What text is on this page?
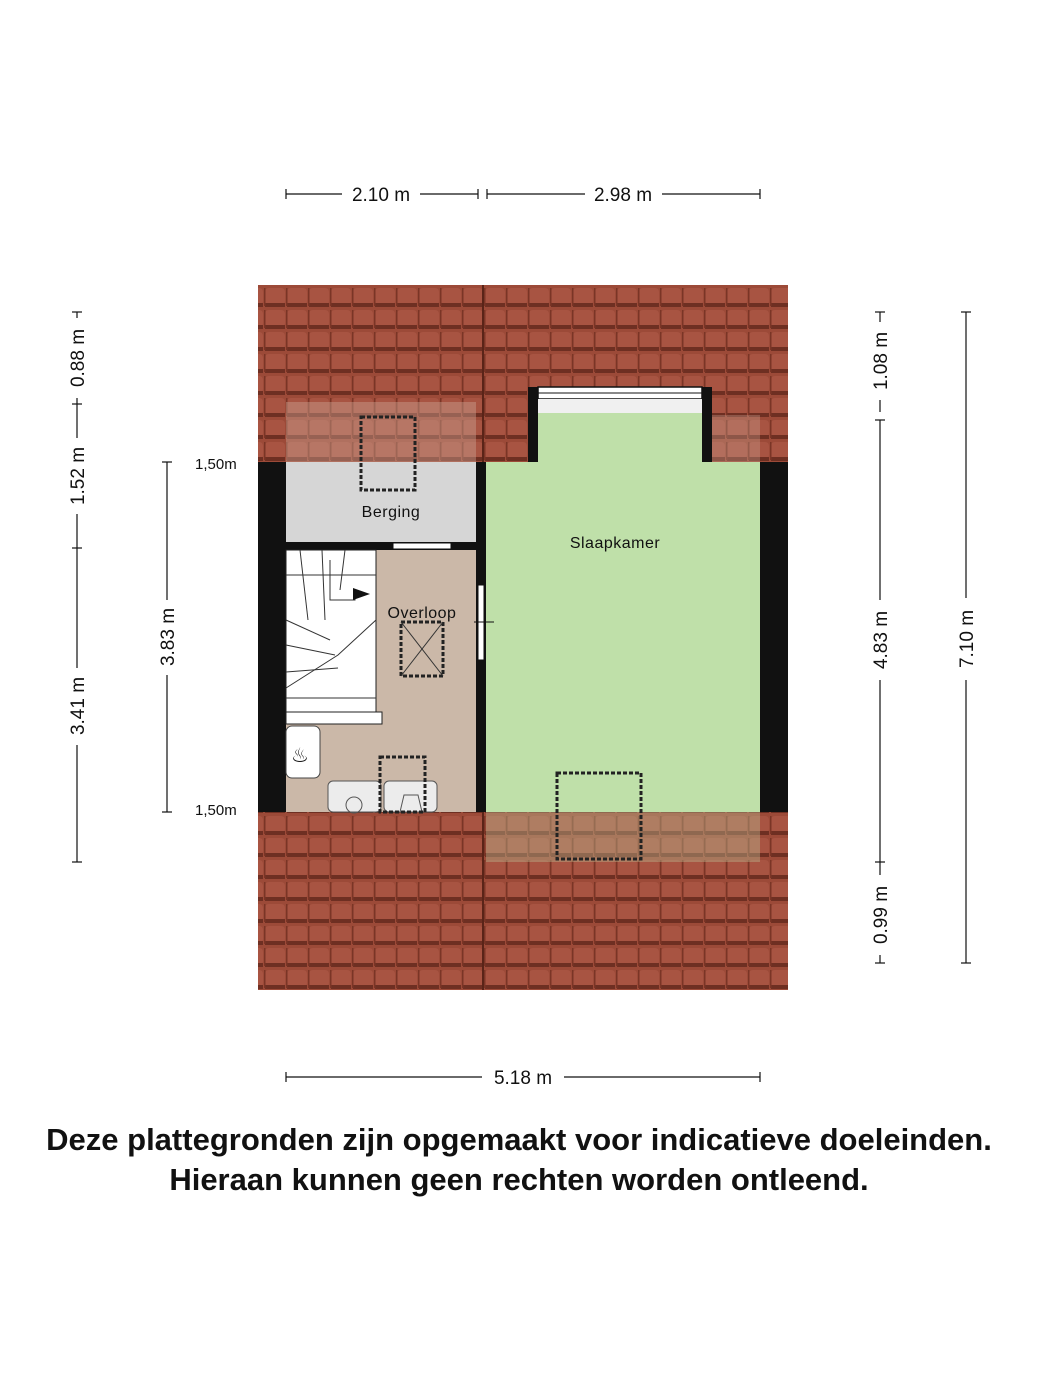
♨
Berging
Slaapkamer
Overloop
1,50m
1,50m
2.10 m	2.98 m
5.18 m
0.88 m
1.52 m
3.41 m
3.83 m
1.08 m
4.83 m
0.99 m
7.10 m
Deze plattegronden zijn opgemaakt voor indicatieve doeleinden.
Hieraan kunnen geen rechten worden ontleend.
